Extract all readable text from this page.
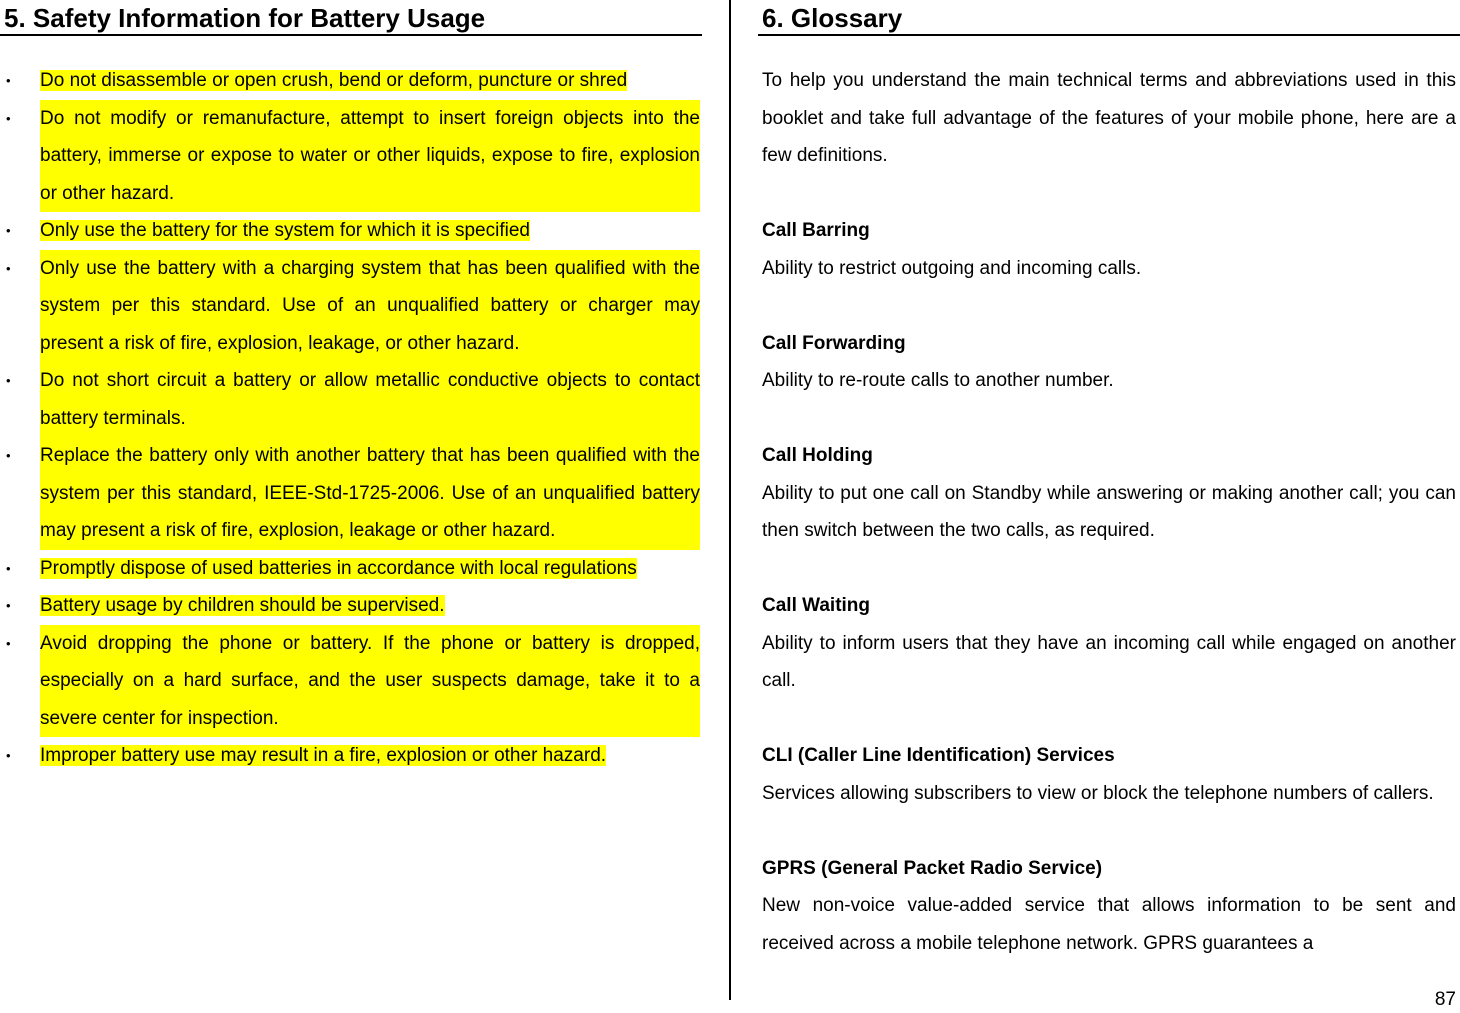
5. Safety Information for Battery Usage
• Do not disassemble or open crush, bend or deform, puncture or shred
• Do not modify or remanufacture, attempt to insert foreign objects into the battery, immerse or expose to water or other liquids, expose to fire, explosion or other hazard.
• Only use the battery for the system for which it is specified
• Only use the battery with a charging system that has been qualified with the system per this standard. Use of an unqualified battery or charger may present a risk of fire, explosion, leakage, or other hazard.
• Do not short circuit a battery or allow metallic conductive objects to contact battery terminals.
• Replace the battery only with another battery that has been qualified with the system per this standard, IEEE-Std-1725-2006. Use of an unqualified battery may present a risk of fire, explosion, leakage or other hazard.
• Promptly dispose of used batteries in accordance with local regulations
• Battery usage by children should be supervised.
• Avoid dropping the phone or battery. If the phone or battery is dropped, especially on a hard surface, and the user suspects damage, take it to a severe center for inspection.
• Improper battery use may result in a fire, explosion or other hazard.
6. Glossary

To help you understand the main technical terms and abbreviations used in this booklet and take full advantage of the features of your mobile phone, here are a few definitions.

Call Barring

Ability to restrict outgoing and incoming calls.

Call Forwarding

Ability to re-route calls to another number.

Call Holding

Ability to put one call on Standby while answering or making another call; you can then switch between the two calls, as required.

Call Waiting

Ability to inform users that they have an incoming call while engaged on another call.

CLI (Caller Line Identification) Services

Services allowing subscribers to view or block the telephone numbers of callers.

GPRS (General Packet Radio Service)

New non-voice value-added service that allows information to be sent and received across a mobile telephone network. GPRS guarantees a

87
